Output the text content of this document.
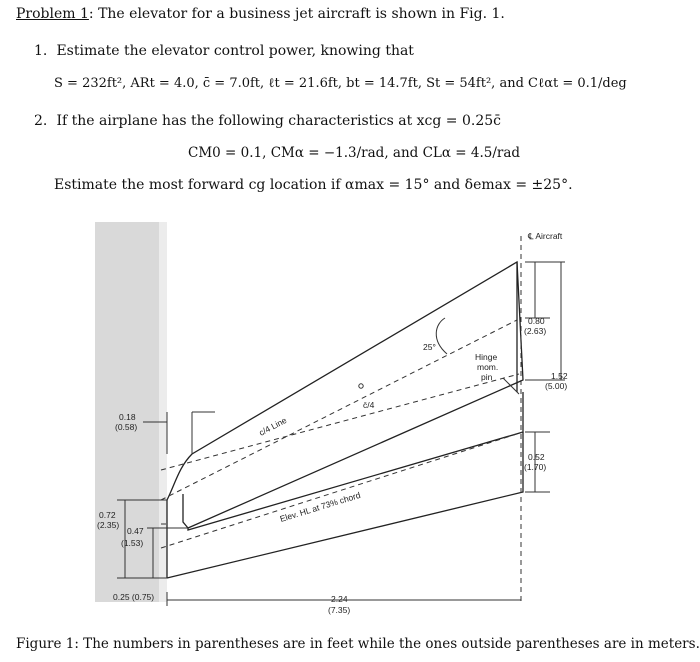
Problem 1: The elevator for a business jet aircraft is shown in Fig. 1.
1. Estimate the elevator control power, knowing that
S = 232ft², ARt = 4.0, c̄ = 7.0ft, ℓt = 21.6ft, bt = 14.7ft, St = 54ft², and Cℓαt = 0.1/deg
2. If the airplane has the following characteristics at xcg = 0.25c̄
CM0 = 0.1, CMα = −1.3/rad, and CLα = 4.5/rad
Estimate the most forward cg location if αmax = 15° and δemax = ±25°.
℄ Aircraft
0.80
(2.63)
1.52
(5.00)
0.52
(1.70)
0.18
(0.58)
0.72
(2.35)
0.47
(1.53)
0.25 (0.75)	2.24
(7.35)
25°
Hinge
mom.
pin
c̄/4
c/4 Line
Elev. HL at 73% chord
Figure 1: The numbers in parentheses are in feet while the ones outside parentheses are in meters.
